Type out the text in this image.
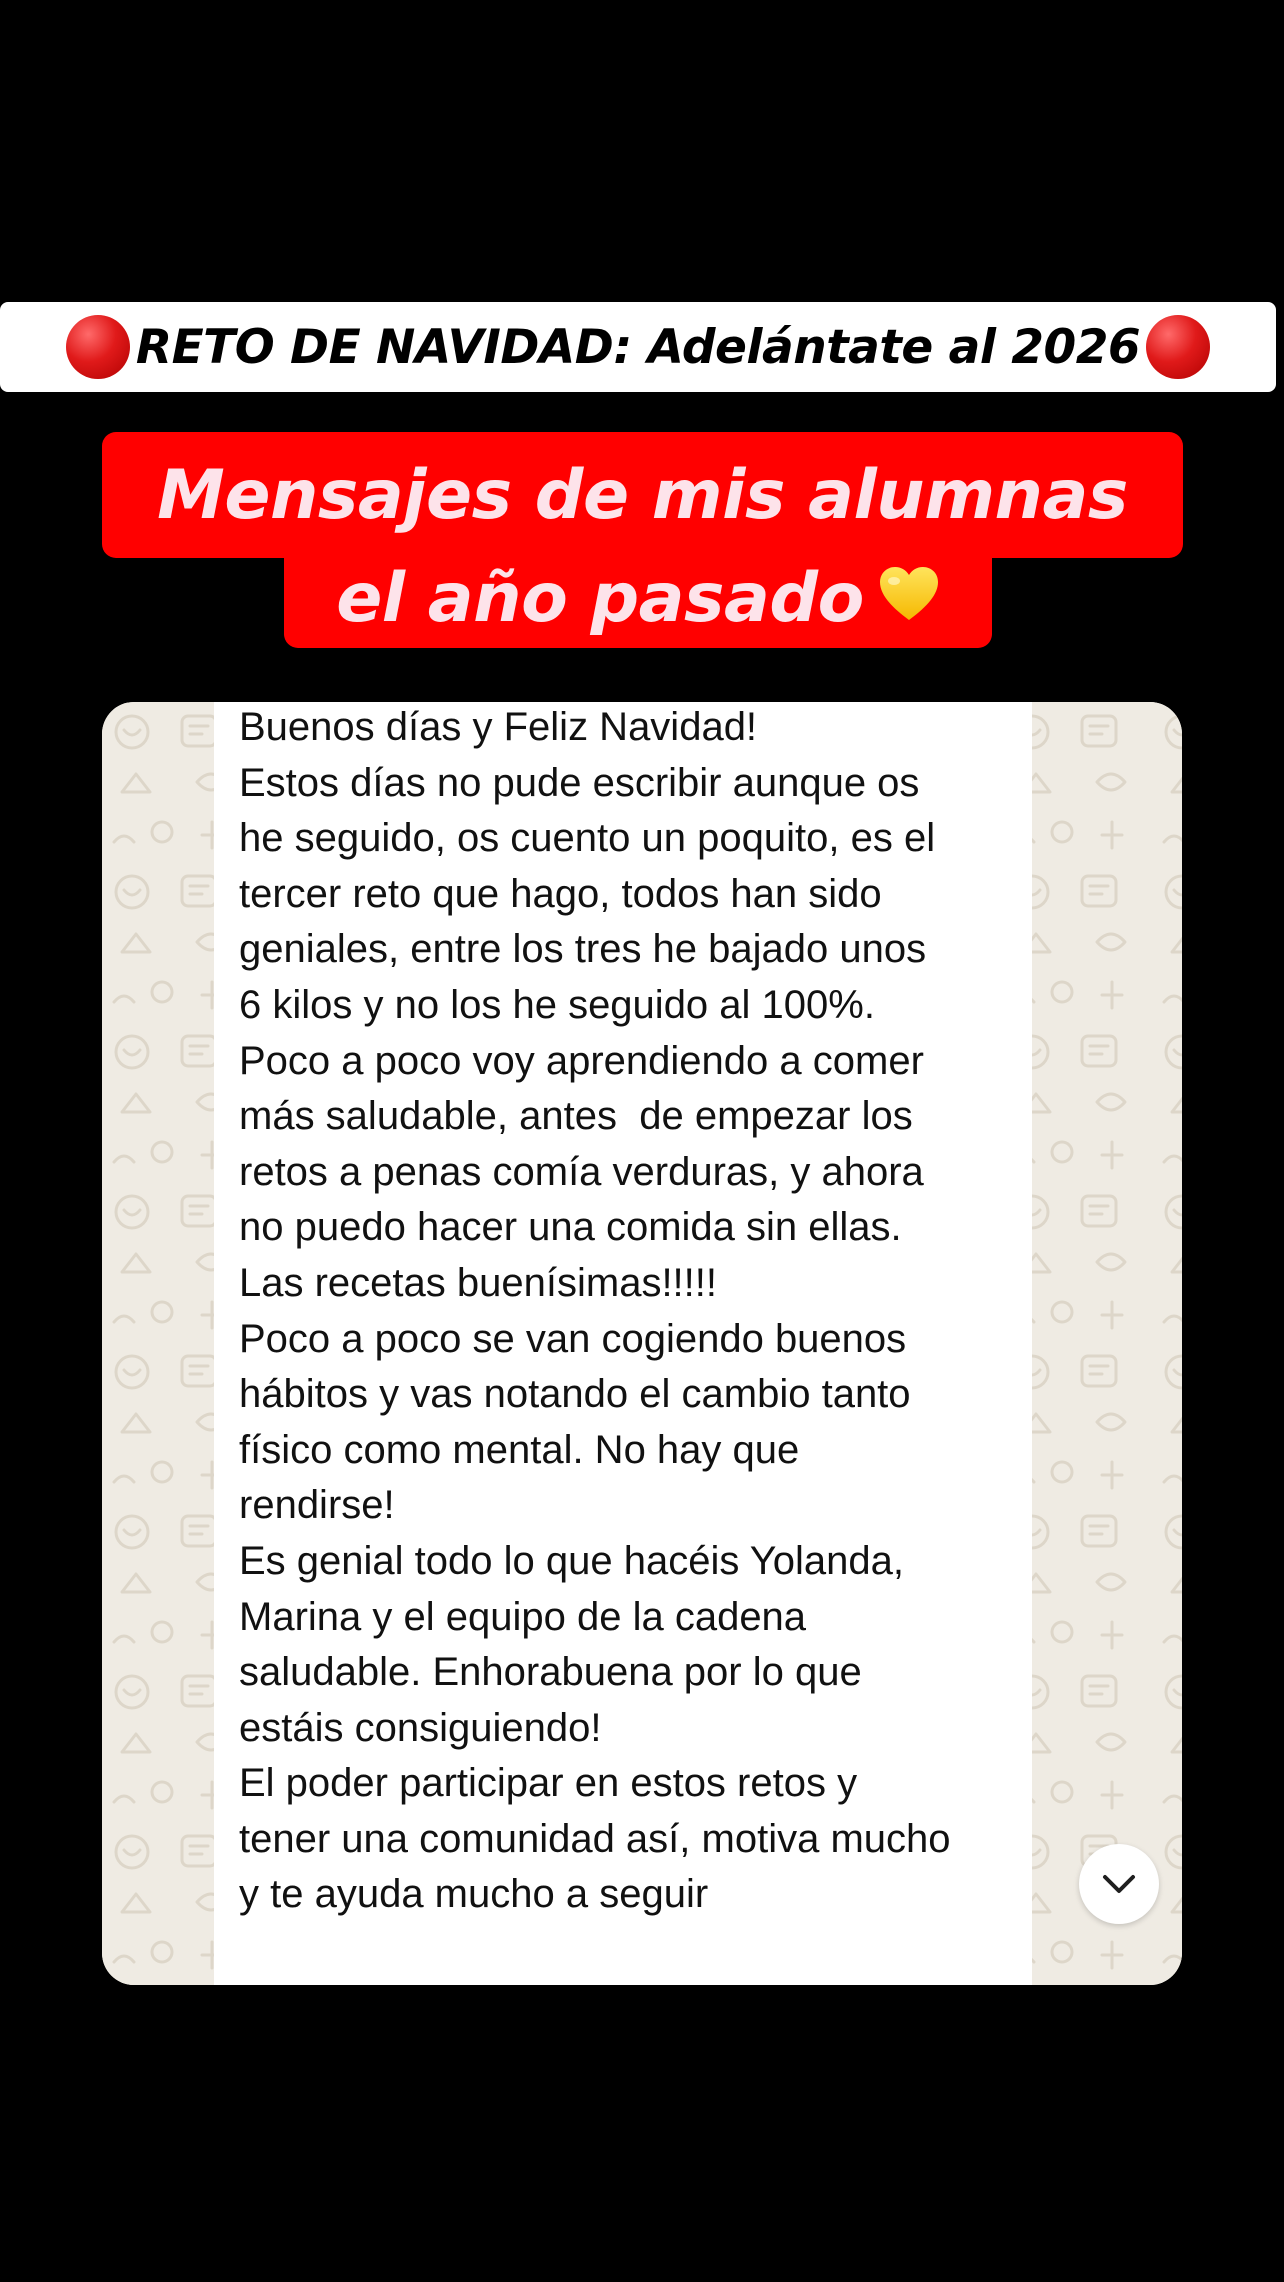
RETO DE NAVIDAD: Adelántate al 2026
Mensajes de mis alumnas
el año pasado

Buenos días y Feliz Navidad!
Estos días no pude escribir aunque os
he seguido, os cuento un poquito, es el
tercer reto que hago, todos han sido
geniales, entre los tres he bajado unos
6 kilos y no los he seguido al 100%.
Poco a poco voy aprendiendo a comer
más saludable, antes  de empezar los
retos a penas comía verduras, y ahora
no puedo hacer una comida sin ellas.
Las recetas buenísimas!!!!!
Poco a poco se van cogiendo buenos
hábitos y vas notando el cambio tanto
físico como mental. No hay que
rendirse!
Es genial todo lo que hacéis Yolanda,
Marina y el equipo de la cadena
saludable. Enhorabuena por lo que
estáis consiguiendo!
El poder participar en estos retos y
tener una comunidad así, motiva mucho
y te ayuda mucho a seguir
